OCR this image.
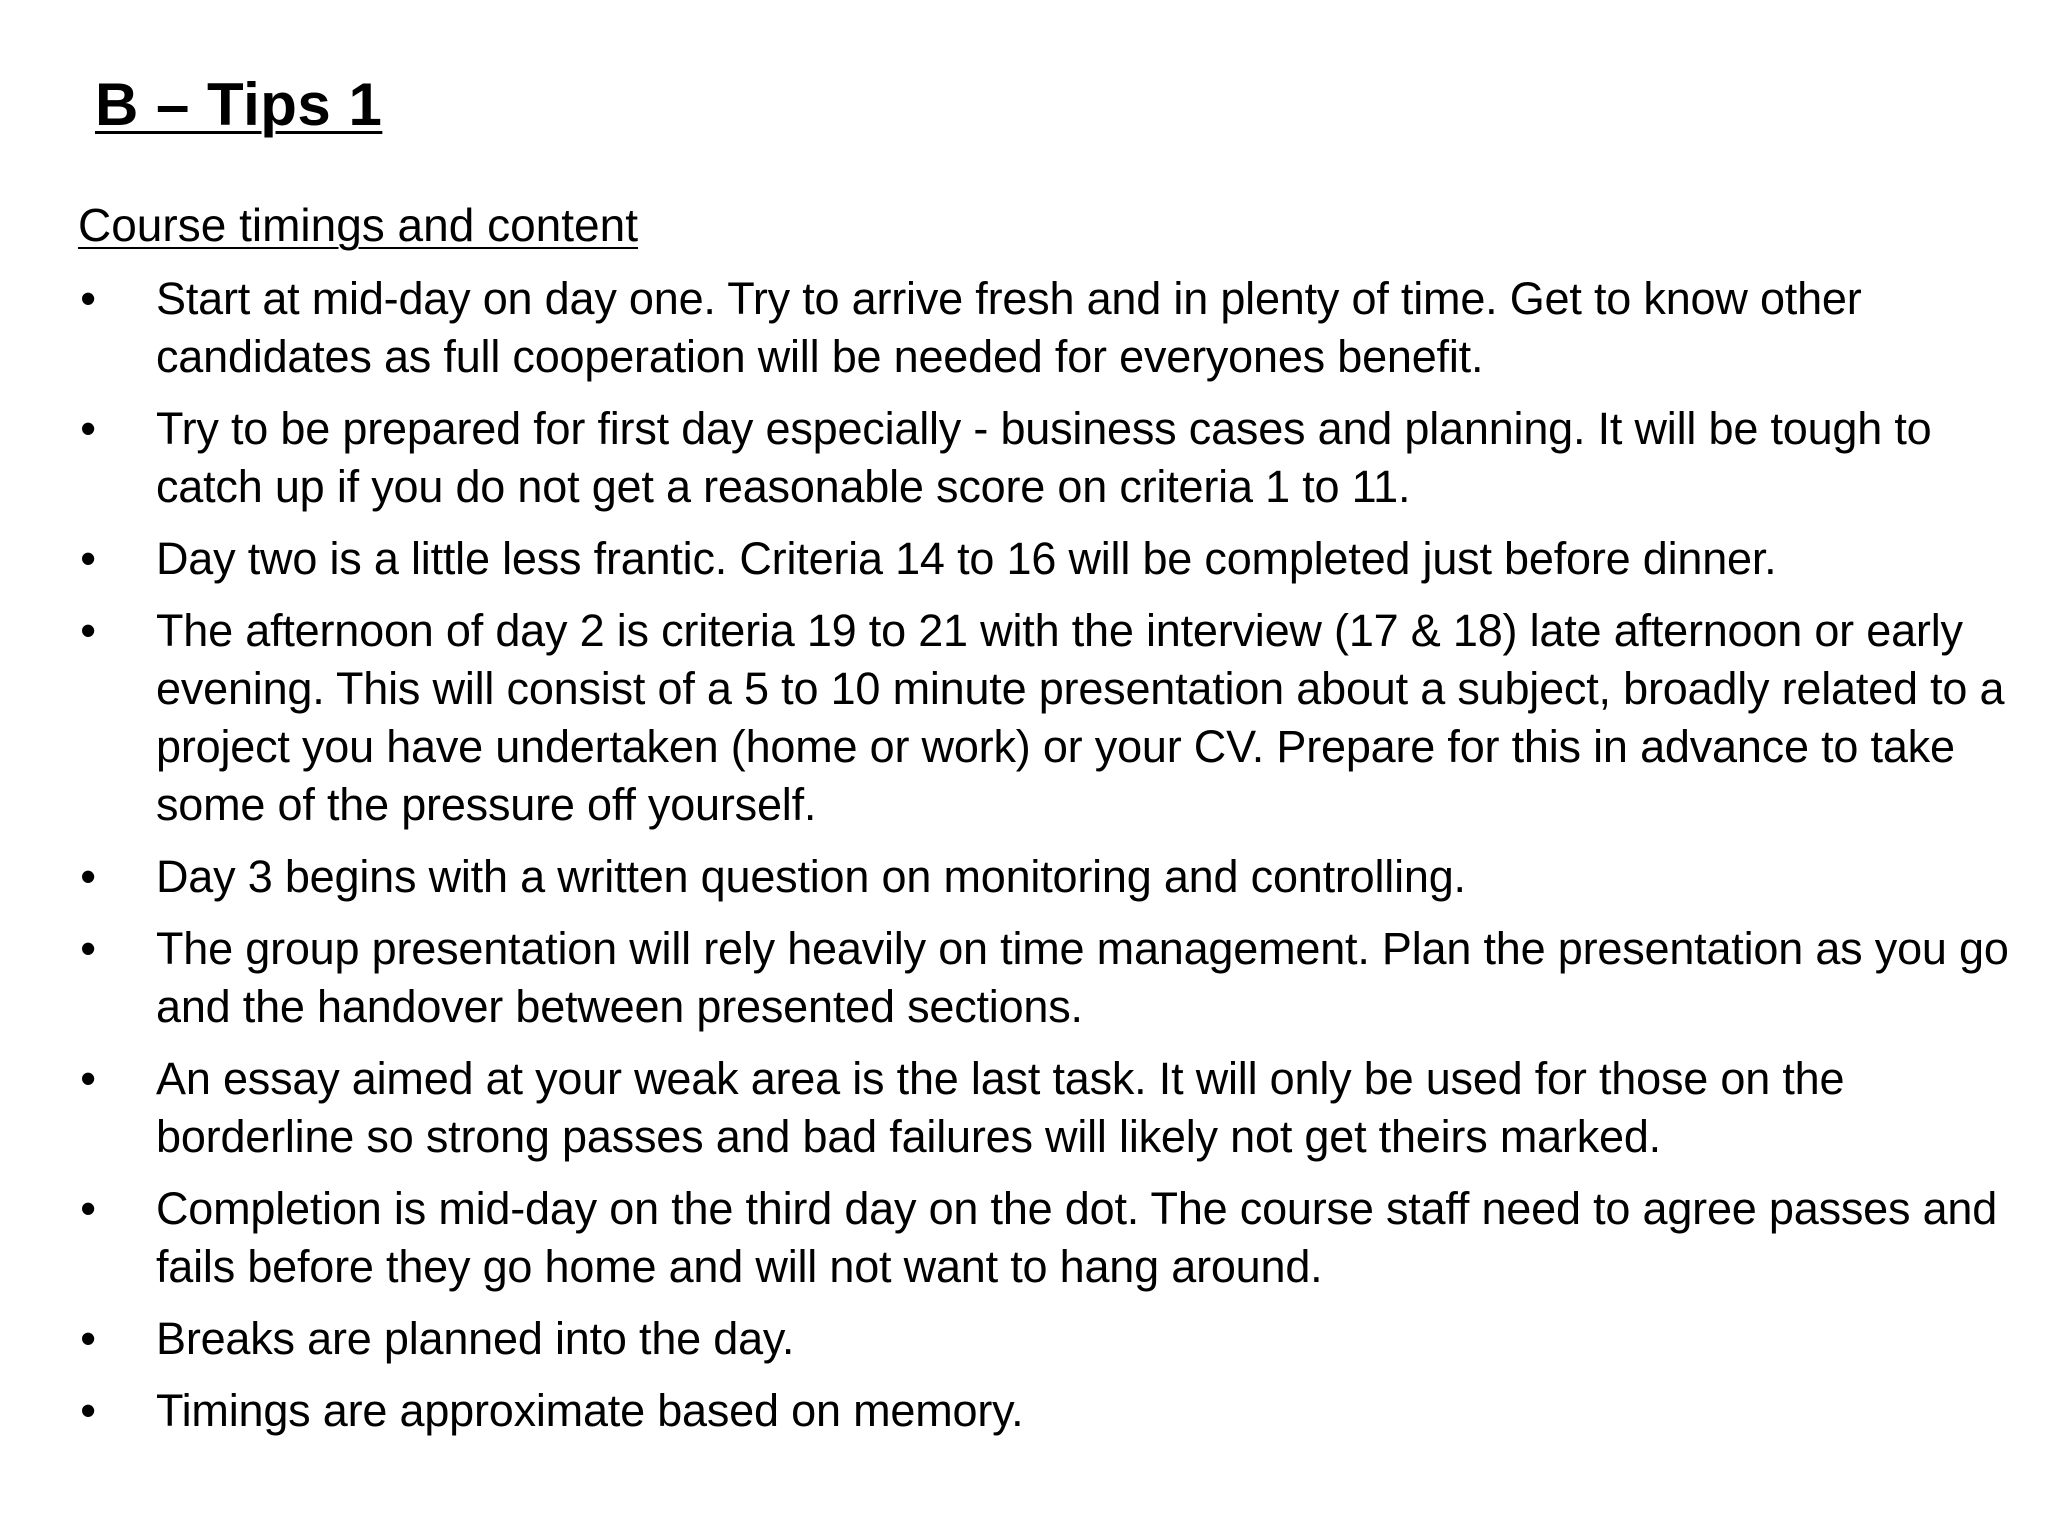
B – Tips 1
Course timings and content
• Start at mid-day on day one. Try to arrive fresh and in plenty of time. Get to know other candidates as full cooperation will be needed for everyones benefit.
• Try to be prepared for first day especially - business cases and planning. It will be tough to catch up if you do not get a reasonable score on criteria 1 to 11.
• Day two is a little less frantic. Criteria 14 to 16 will be completed just before dinner.
• The afternoon of day 2 is criteria 19 to 21 with the interview (17 & 18) late afternoon or early evening. This will consist of a 5 to 10 minute presentation about a subject, broadly related to a project you have undertaken (home or work) or your CV. Prepare for this in advance to take some of the pressure off yourself.
• Day 3 begins with a written question on monitoring and controlling.
• The group presentation will rely heavily on time management. Plan the presentation as you go and the handover between presented sections.
• An essay aimed at your weak area is the last task. It will only be used for those on the borderline so strong passes and bad failures will likely not get theirs marked.
• Completion is mid-day on the third day on the dot. The course staff need to agree passes and fails before they go home and will not want to hang around.
• Breaks are planned into the day.
• Timings are approximate based on memory.
